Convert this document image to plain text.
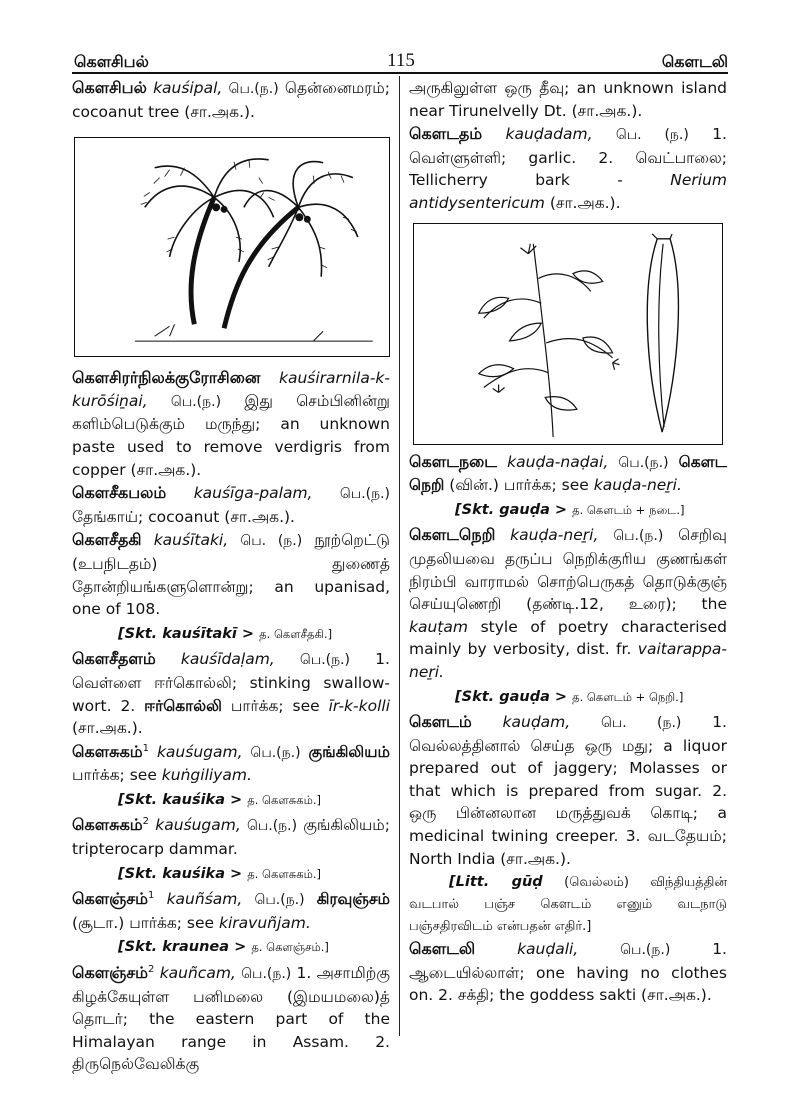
கௌசிபல்	115	கௌடலி
கௌசிபல் kauśipal, பெ.(ந.) தென்னைமரம்; cocoanut tree (சா.அக.).
கௌசிரர்நிலக்குரோசினை kauśirarnila-k-kurōśiṉai, பெ.(ந.) இது செம்பினின்று களிம்பெடுக்கும் மருந்து; an unknown paste used to remove verdigris from copper (சா.அக.).
கௌசீகபலம் kauśīga-palam, பெ.(ந.) தேங்காய்; cocoanut (சா.அக.).
கௌசீதகி kauśītaki, பெ. (ந.) நூற்றெட்டு (உபநிடதம்) துணைத் தோன்றியங்களுளொன்று; an upanisad, one of 108.
[Skt. kauśītakī > த. கௌசீதகி.]
கௌசீதளம் kauśīdaḷam, பெ.(ந.) 1. வெள்ளை ஈர்கொல்லி; stinking swallow-wort. 2. ஈர்கொல்லி பார்க்க; see īr-k-kolli (சா.அக.).
கௌசுகம்$^1$ kauśugam, பெ.(ந.) குங்கிலியம் பார்க்க; see kuṅgiliyam.
[Skt. kauśika > த. கௌசுகம்.]
கௌசுகம்$^2$ kauśugam, பெ.(ந.) குங்கிலியம்; tripterocarp dammar.
[Skt. kauśika > த. கௌசுகம்.]
கௌஞ்சம்$^1$ kauñśam, பெ.(ந.) கிரவுஞ்சம் (சூடா.) பார்க்க; see kiravuñjam.
[Skt. kraunea > த. கௌஞ்சம்.]
கௌஞ்சம்$^2$ kauñcam, பெ.(ந.) 1. அசாமிற்கு கிழக்கேயுள்ள பனிமலை (இமயமலை)த் தொடர்; the eastern part of the Himalayan range in Assam. 2. திருநெல்வேலிக்கு
அருகிலுள்ள ஒரு தீவு; an unknown island near Tirunelvelly Dt. (சா.அக.).
கௌடதம் kauḍadam, பெ. (ந.) 1. வெள்ளுள்ளி; garlic. 2. வெட்பாலை; Tellicherry bark -	Nerium antidysentericum (சா.அக.).
கௌடநடை kauḍa-naḍai, பெ.(ந.) கௌட நெறி (வின்.) பார்க்க; see kauḍa-neṟi.
[Skt. gauḍa > த. கௌடம் + நடை.]
கௌடநெறி kauḍa-neṟi, பெ.(ந.) செறிவு முதலியவை தருப்ப நெறிக்குரிய குணங்கள் நிரம்பி வாராமல் சொற்பெருகத் தொடுக்குஞ் செய்யுணெறி (தண்டி.12, உரை); the kauṭam style of poetry characterised mainly by verbosity, dist. fr. vaitarappa-neṟi.
[Skt. gauḍa > த. கௌடம் + நெறி.]
கௌடம் kauḍam, பெ. (ந.) 1. வெல்லத்தினால் செய்த ஒரு மது; a liquor prepared out of jaggery; Molasses or that which is prepared from sugar. 2. ஒரு பின்னலான மருத்துவக் கொடி; a medicinal twining creeper. 3. வடதேயம்; North India (சா.அக.).
[Litt. gūḍ (வெல்லம்) விந்தியத்தின் வடபால் பஞ்ச கௌடம் எனும் வடநாடு பஞ்சதிரவிடம் என்பதன் எதிர்.]
கௌடலி	kauḍali,	பெ.(ந.)	1. ஆடையில்லாள்; one having no clothes on. 2. சக்தி; the goddess sakti (சா.அக.).
